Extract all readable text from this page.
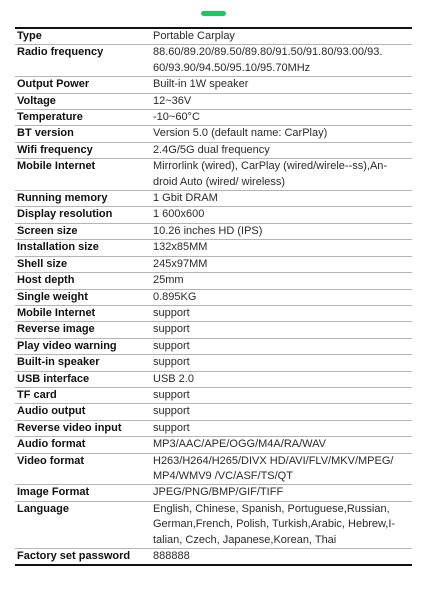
Type	Portable Carplay
Radio frequency	88.60/89.20/89.50/89.80/91.50/91.80/93.00/93.
60/93.90/94.50/95.10/95.70MHz

Output Power	Built-in 1W speaker
Voltage	12~36V
Temperature	-10~60°C
BT version	Version 5.0 (default name: CarPlay)
Wifi frequency	2.4G/5G dual frequency
Mobile Internet	Mirrorlink (wired), CarPlay (wired/wirele--ss),An-
droid Auto (wired/ wireless)

Running memory	1 Gbit DRAM
Display resolution	1 600x600
Screen size	10.26 inches HD (IPS)
Installation size	132x85MM
Shell size	245x97MM
Host depth	25mm
Single weight	0.895KG
Mobile Internet	support
Reverse image	support
Play video warning	support
Built-in speaker	support
USB interface	USB 2.0
TF card	support
Audio output	support
Reverse video input	support
Audio format	MP3/AAC/APE/OGG/M4A/RA/WAV
Video format	H263/H264/H265/DIVX HD/AVI/FLV/MKV/MPEG/
MP4/WMV9 /VC/ASF/TS/QT

Image Format	JPEG/PNG/BMP/GIF/TIFF
Language	English, Chinese, Spanish, Portuguese,Russian,
German,French, Polish, Turkish,Arabic, Hebrew,I-
talian, Czech, Japanese,Korean, Thai

Factory set password	888888
